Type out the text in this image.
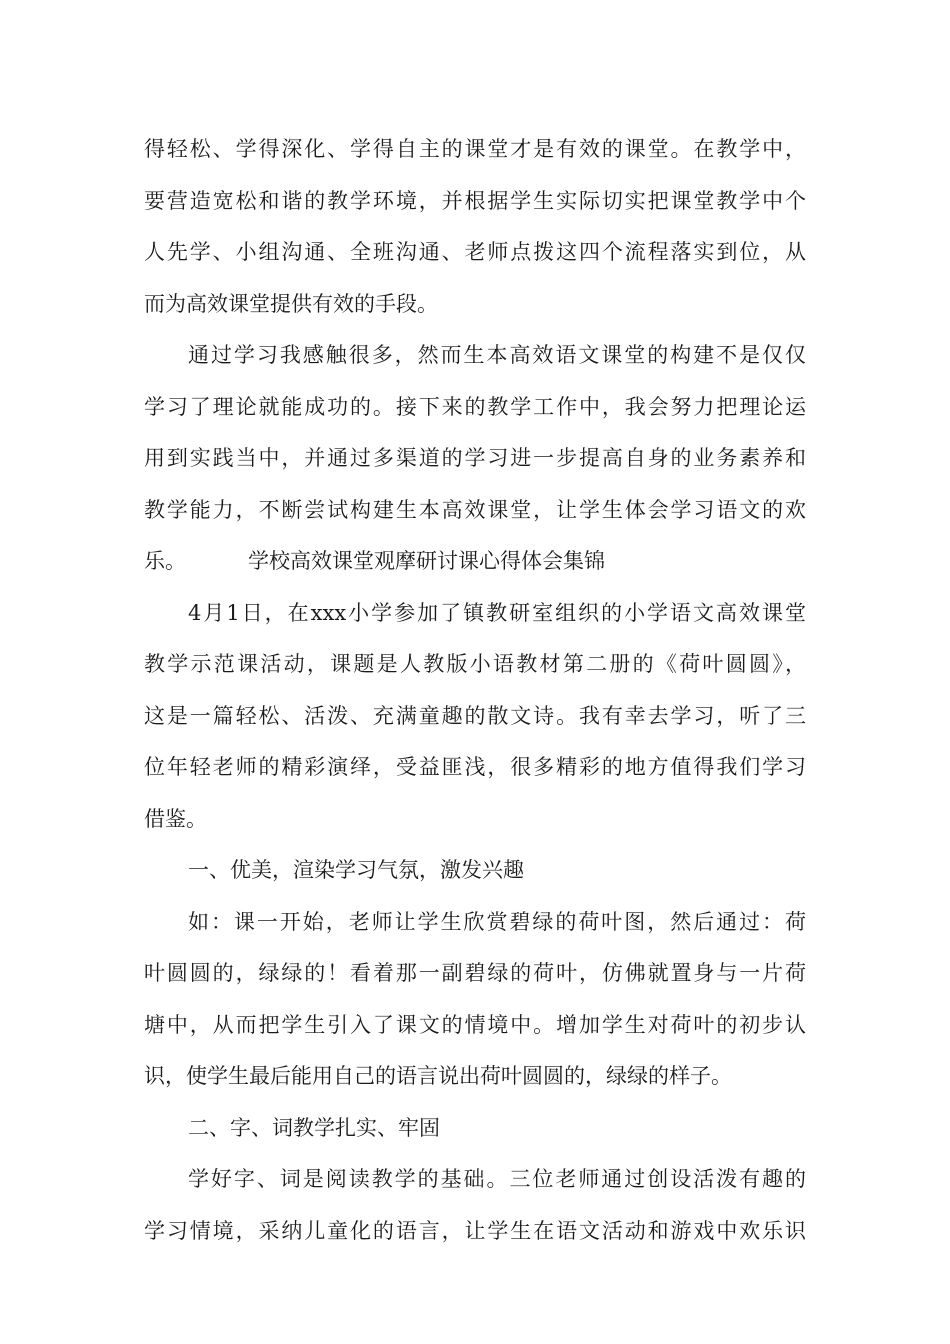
得轻松、学得深化、学得自主的课堂才是有效的课堂。在教学中，
要营造宽松和谐的教学环境，并根据学生实际切实把课堂教学中个
人先学、小组沟通、全班沟通、老师点拨这四个流程落实到位，从
而为高效课堂提供有效的手段。
通过学习我感触很多，然而生本高效语文课堂的构建不是仅仅
学习了理论就能成功的。接下来的教学工作中，我会努力把理论运
用到实践当中，并通过多渠道的学习进一步提高自身的业务素养和
教学能力，不断尝试构建生本高效课堂，让学生体会学习语文的欢
乐。	学校高效课堂观摩研讨课心得体会集锦
4月1日，在xxx小学参加了镇教研室组织的小学语文高效课堂
教学示范课活动，课题是人教版小语教材第二册的《荷叶圆圆》，
这是一篇轻松、活泼、充满童趣的散文诗。我有幸去学习，听了三
位年轻老师的精彩演绎，受益匪浅，很多精彩的地方值得我们学习
借鉴。
一、优美，渲染学习气氛，激发兴趣
如：课一开始，老师让学生欣赏碧绿的荷叶图，然后通过：荷
叶圆圆的，绿绿的！看着那一副碧绿的荷叶，仿佛就置身与一片荷
塘中，从而把学生引入了课文的情境中。增加学生对荷叶的初步认
识，使学生最后能用自己的语言说出荷叶圆圆的，绿绿的样子。
二、字、词教学扎实、牢固
学好字、词是阅读教学的基础。三位老师通过创设活泼有趣的
学习情境，采纳儿童化的语言，让学生在语文活动和游戏中欢乐识
